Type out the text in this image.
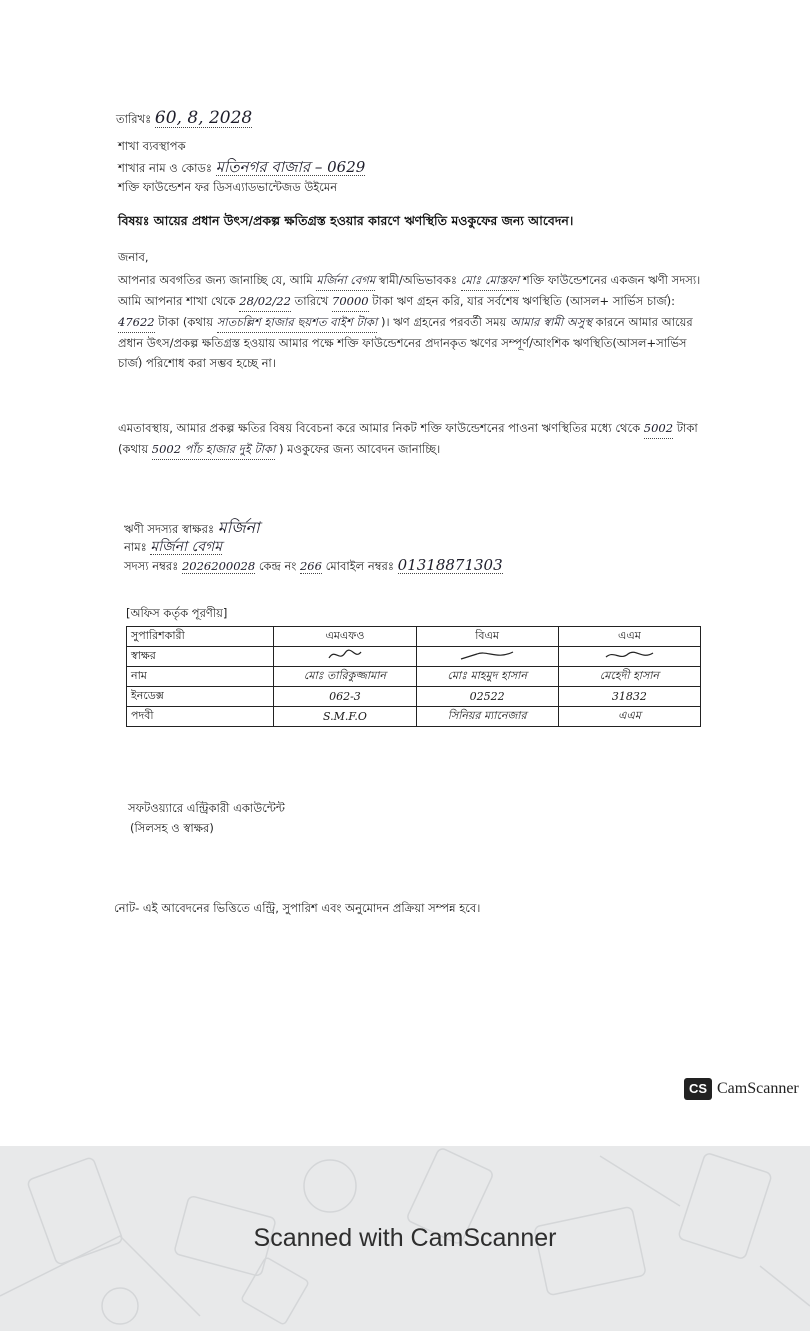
তারিখঃ 60, 8, 2028
শাখা ব্যবস্থাপক
শাখার নাম ও কোডঃ মতিনগর বাজার – 0629
শক্তি ফাউন্ডেশন ফর ডিসএ্যাডভান্টেজড উইমেন
বিষয়ঃ আয়ের প্রধান উৎস/প্রকল্প ক্ষতিগ্রস্ত হওয়ার কারণে ঋণস্থিতি মওকুফের জন্য আবেদন।
জনাব,
আপনার অবগতির জন্য জানাচ্ছি যে, আমি মর্জিনা বেগম স্বামী/অভিভাবকঃ মোঃ মোস্তফা শক্তি ফাউন্ডেশনের একজন ঋণী সদস্য। আমি আপনার শাখা থেকে 28/02/22 তারিখে 70000 টাকা ঋণ গ্রহন করি, যার সর্বশেষ ঋণস্থিতি (আসল+ সার্ভিস চার্জ): 47622 টাকা (কথায় সাতচল্লিশ হাজার ছয়শত বাইশ টাকা )। ঋণ গ্রহনের পরবর্তী সময় আমার স্বামী অসুস্থ কারনে আমার আয়ের প্রধান উৎস/প্রকল্প ক্ষতিগ্রস্ত হওয়ায় আমার পক্ষে শক্তি ফাউন্ডেশনের প্রদানকৃত ঋণের সম্পূর্ণ/আংশিক ঋণস্থিতি(আসল+সার্ভিস চার্জ) পরিশোধ করা সম্ভব হচ্ছে না।
এমতাবস্থায়, আমার প্রকল্প ক্ষতির বিষয় বিবেচনা করে আমার নিকট শক্তি ফাউন্ডেশনের পাওনা ঋণস্থিতির মধ্যে থেকে 5002 টাকা (কথায় 5002 পাঁচ হাজার দুই টাকা ) মওকুফের জন্য আবেদন জানাচ্ছি।
ঋণী সদস্যর স্বাক্ষরঃ মর্জিনা
নামঃ মর্জিনা বেগম
সদস্য নম্বরঃ 2026200028 কেন্দ্র নং 266 মোবাইল নম্বরঃ 01318871303
[অফিস কর্তৃক পূরণীয়]
সুপারিশকারী	এমএফও	বিএম	এএম
স্বাক্ষর			
নাম	মোঃ তারিকুজ্জামান	মোঃ মাহমুদ হাসান	মেহেদী হাসান
ইনডেক্স	062-3	02522	31832
পদবী	S.M.F.O	সিনিয়র ম্যানেজার	এএম
সফটওয়্যারে এন্ট্রিকারী একাউন্টেন্ট
(সিলসহ ও স্বাক্ষর)
নোট- এই আবেদনের ভিত্তিতে এন্ট্রি, সুপারিশ এবং অনুমোদন প্রক্রিয়া সম্পন্ন হবে।
CS CamScanner
Scanned with CamScanner
